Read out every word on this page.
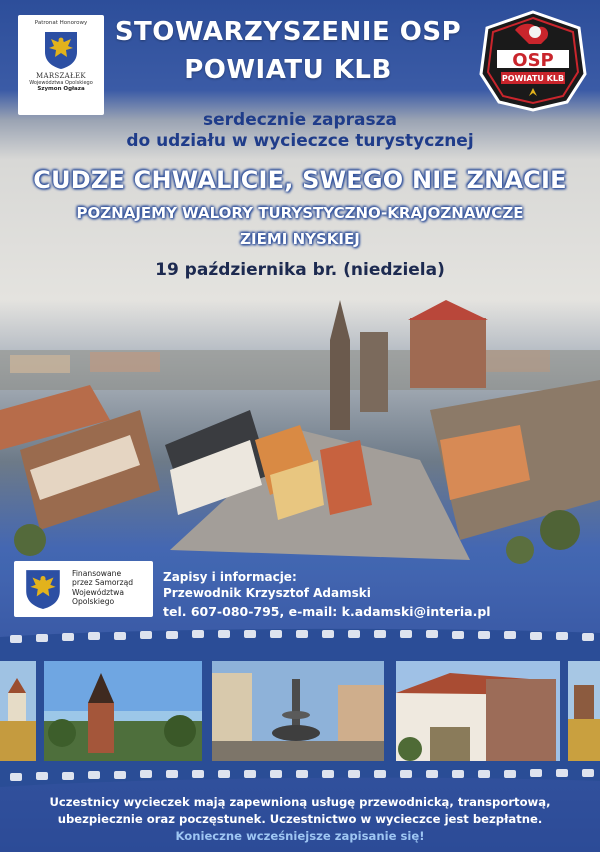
Patronat Honorowy
MARSZAŁEK
Województwa Opolskiego
Szymon Ogłaza
STOWARZYSZENIE OSP
POWIATU KLB	OSP
POWIATU KLB
serdecznie zaprasza
do udziału w wycieczce turystycznej
CUDZE CHWALICIE, SWEGO NIE ZNACIE
POZNAJEMY WALORY TURYSTYCZNO-KRAJOZNAWCZE
ZIEMI NYSKIEJ
19 października br. (niedziela)
Finansowane
przez Samorząd
Województwa
Opolskiego
Zapisy i informacje:
Przewodnik Krzysztof Adamski
tel. 607-080-795, e-mail: k.adamski@interia.pl
Uczestnicy wycieczek mają zapewnioną usługę przewodnicką, transportową,
ubezpiecznie oraz poczęstunek. Uczestnictwo w wycieczce jest bezpłatne.
Konieczne wcześniejsze zapisanie się!
